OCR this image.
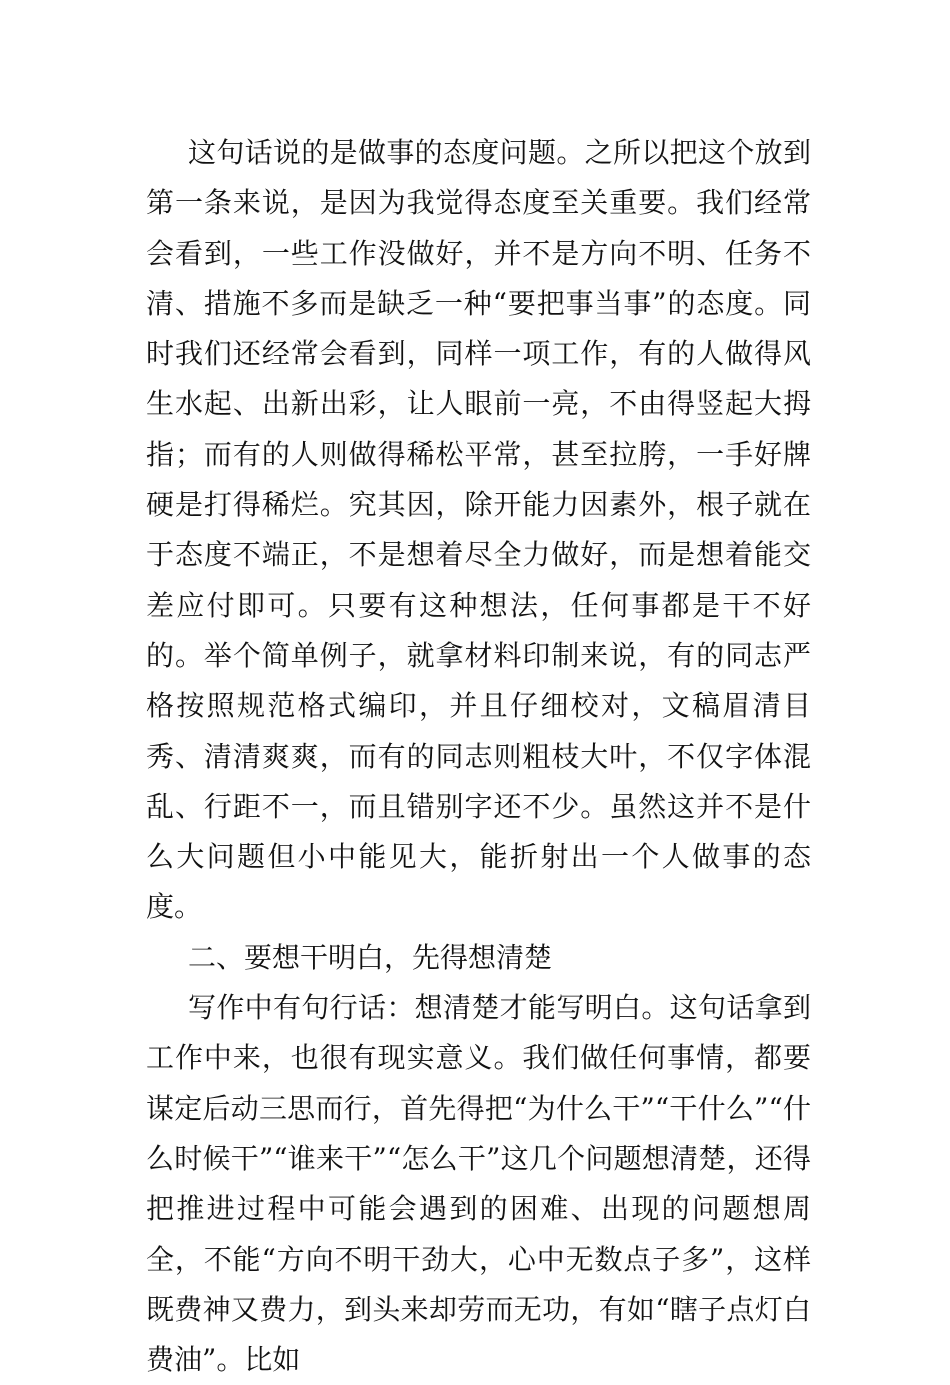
这句话说的是做事的态度问题。之所以把这个放到第一条来说，是因为我觉得态度至关重要。我们经常会看到，一些工作没做好，并不是方向不明、任务不清、措施不多而是缺乏一种“要把事当事”的态度。同时我们还经常会看到，同样一项工作，有的人做得风生水起、出新出彩，让人眼前一亮，不由得竖起大拇指；而有的人则做得稀松平常，甚至拉胯，一手好牌硬是打得稀烂。究其因，除开能力因素外，根子就在于态度不端正，不是想着尽全力做好，而是想着能交差应付即可。只要有这种想法，任何事都是干不好的。举个简单例子，就拿材料印制来说，有的同志严格按照规范格式编印，并且仔细校对，文稿眉清目秀、清清爽爽，而有的同志则粗枝大叶，不仅字体混乱、行距不一，而且错别字还不少。虽然这并不是什么大问题但小中能见大，能折射出一个人做事的态度。

二、要想干明白，先得想清楚

写作中有句行话：想清楚才能写明白。这句话拿到工作中来，也很有现实意义。我们做任何事情，都要谋定后动三思而行，首先得把“为什么干”“干什么”“什么时候干”“谁来干”“怎么干”这几个问题想清楚，还得把推进过程中可能会遇到的困难、出现的问题想周全，不能“方向不明干劲大，心中无数点子多”，这样既费神又费力，到头来却劳而无功，有如“瞎子点灯白费油”。比如
